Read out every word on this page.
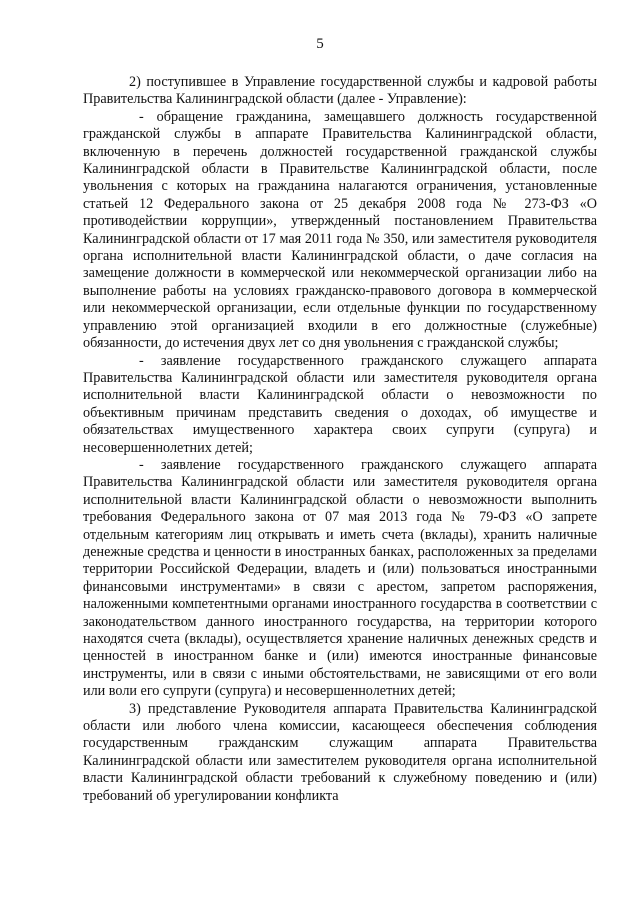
5

2) поступившее в Управление государственной службы и кадровой работы Правительства Калининградской области (далее - Управление):

- обращение гражданина, замещавшего должность государственной гражданской службы в аппарате Правительства Калининградской области, включенную в перечень должностей государственной гражданской службы Калининградской области в Правительстве Калининградской области, после увольнения с которых на гражданина налагаются ограничения, установленные статьей 12 Федерального закона от 25 декабря 2008 года № 273-ФЗ «О противодействии коррупции», утвержденный постановлением Правительства Калининградской области от 17 мая 2011 года № 350, или заместителя руководителя органа исполнительной власти Калининградской области, о даче согласия на замещение должности в коммерческой или некоммерческой организации либо на выполнение работы на условиях гражданско-правового договора в коммерческой или некоммерческой организации, если отдельные функции по государственному управлению этой организацией входили в его должностные (служебные) обязанности, до истечения двух лет со дня увольнения с гражданской службы;

- заявление государственного гражданского служащего аппарата Правительства Калининградской области или заместителя руководителя органа исполнительной власти Калининградской области о невозможности по объективным причинам представить сведения о доходах, об имуществе и обязательствах имущественного характера своих супруги (супруга) и несовершеннолетних детей;

- заявление государственного гражданского служащего аппарата Правительства Калининградской области или заместителя руководителя органа исполнительной власти Калининградской области о невозможности выполнить требования Федерального закона от 07 мая 2013 года № 79-ФЗ «О запрете отдельным категориям лиц открывать и иметь счета (вклады), хранить наличные денежные средства и ценности в иностранных банках, расположенных за пределами территории Российской Федерации, владеть и (или) пользоваться иностранными финансовыми инструментами» в связи с арестом, запретом распоряжения, наложенными компетентными органами иностранного государства в соответствии с законодательством данного иностранного государства, на территории которого находятся счета (вклады), осуществляется хранение наличных денежных средств и ценностей в иностранном банке и (или) имеются иностранные финансовые инструменты, или в связи с иными обстоятельствами, не зависящими от его воли или воли его супруги (супруга) и несовершеннолетних детей;

3) представление Руководителя аппарата Правительства Калининградской области или любого члена комиссии, касающееся обеспечения соблюдения государственным гражданским служащим аппарата Правительства Калининградской области или заместителем руководителя органа исполнительной власти Калининградской области требований к служебному поведению и (или) требований об урегулировании конфликта
